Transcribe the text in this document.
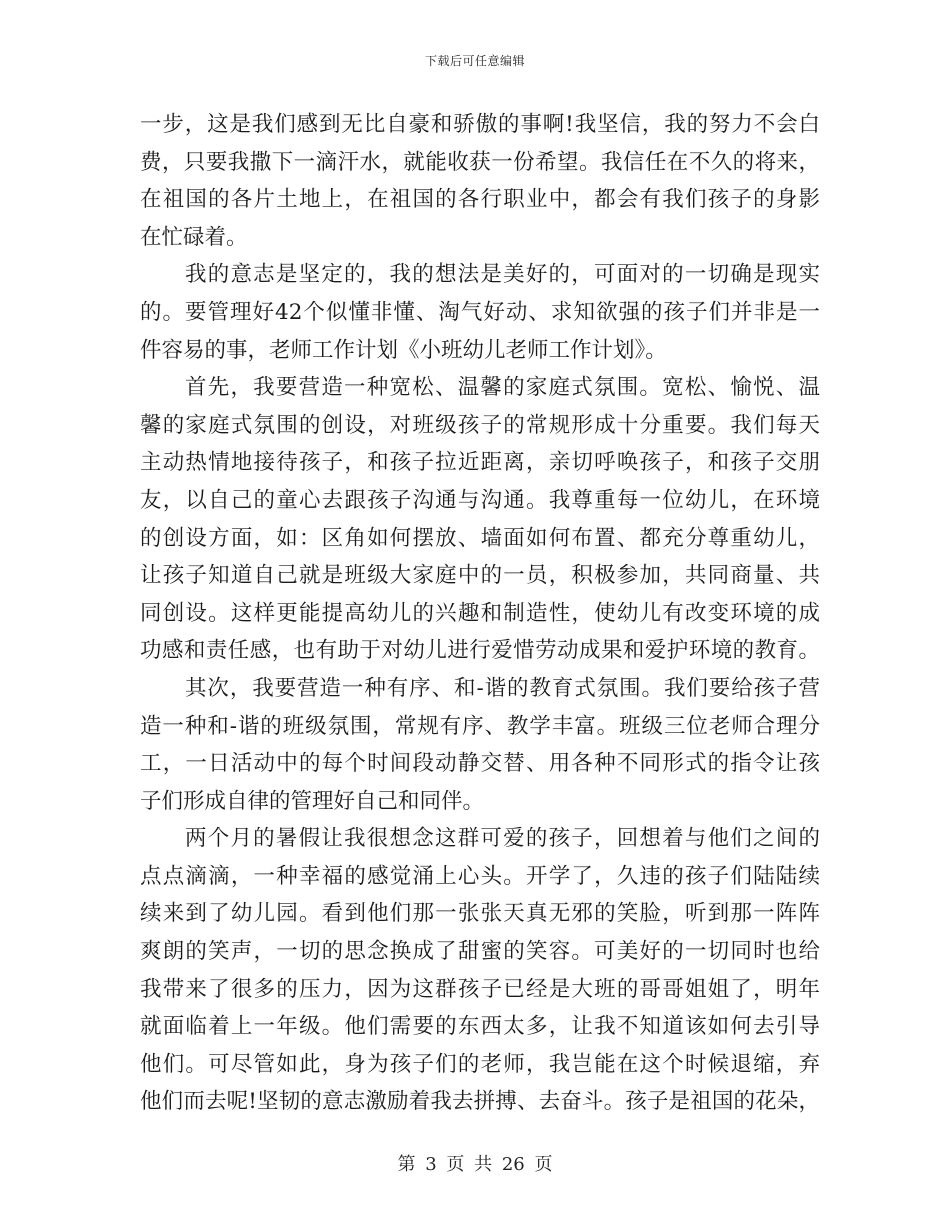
下载后可任意编辑
一步，这是我们感到无比自豪和骄傲的事啊!我坚信，我的努力不会白
费，只要我撒下一滴汗水，就能收获一份希望。我信任在不久的将来，
在祖国的各片土地上，在祖国的各行职业中，都会有我们孩子的身影
在忙碌着。
我的意志是坚定的，我的想法是美好的，可面对的一切确是现实
的。要管理好42个似懂非懂、淘气好动、求知欲强的孩子们并非是一
件容易的事，老师工作计划《小班幼儿老师工作计划》。
首先，我要营造一种宽松、温馨的家庭式氛围。宽松、愉悦、温
馨的家庭式氛围的创设，对班级孩子的常规形成十分重要。我们每天
主动热情地接待孩子，和孩子拉近距离，亲切呼唤孩子，和孩子交朋
友，以自己的童心去跟孩子沟通与沟通。我尊重每一位幼儿，在环境
的创设方面，如：区角如何摆放、墙面如何布置、都充分尊重幼儿，
让孩子知道自己就是班级大家庭中的一员，积极参加，共同商量、共
同创设。这样更能提高幼儿的兴趣和制造性，使幼儿有改变环境的成
功感和责任感，也有助于对幼儿进行爱惜劳动成果和爱护环境的教育。
其次，我要营造一种有序、和-谐的教育式氛围。我们要给孩子营
造一种和-谐的班级氛围，常规有序、教学丰富。班级三位老师合理分
工，一日活动中的每个时间段动静交替、用各种不同形式的指令让孩
子们形成自律的管理好自己和同伴。
两个月的暑假让我很想念这群可爱的孩子，回想着与他们之间的
点点滴滴，一种幸福的感觉涌上心头。开学了，久违的孩子们陆陆续
续来到了幼儿园。看到他们那一张张天真无邪的笑脸，听到那一阵阵
爽朗的笑声，一切的思念换成了甜蜜的笑容。可美好的一切同时也给
我带来了很多的压力，因为这群孩子已经是大班的哥哥姐姐了，明年
就面临着上一年级。他们需要的东西太多，让我不知道该如何去引导
他们。可尽管如此，身为孩子们的老师，我岂能在这个时候退缩，弃
他们而去呢!坚韧的意志激励着我去拼搏、去奋斗。孩子是祖国的花朵，
第 3 页 共 26 页
